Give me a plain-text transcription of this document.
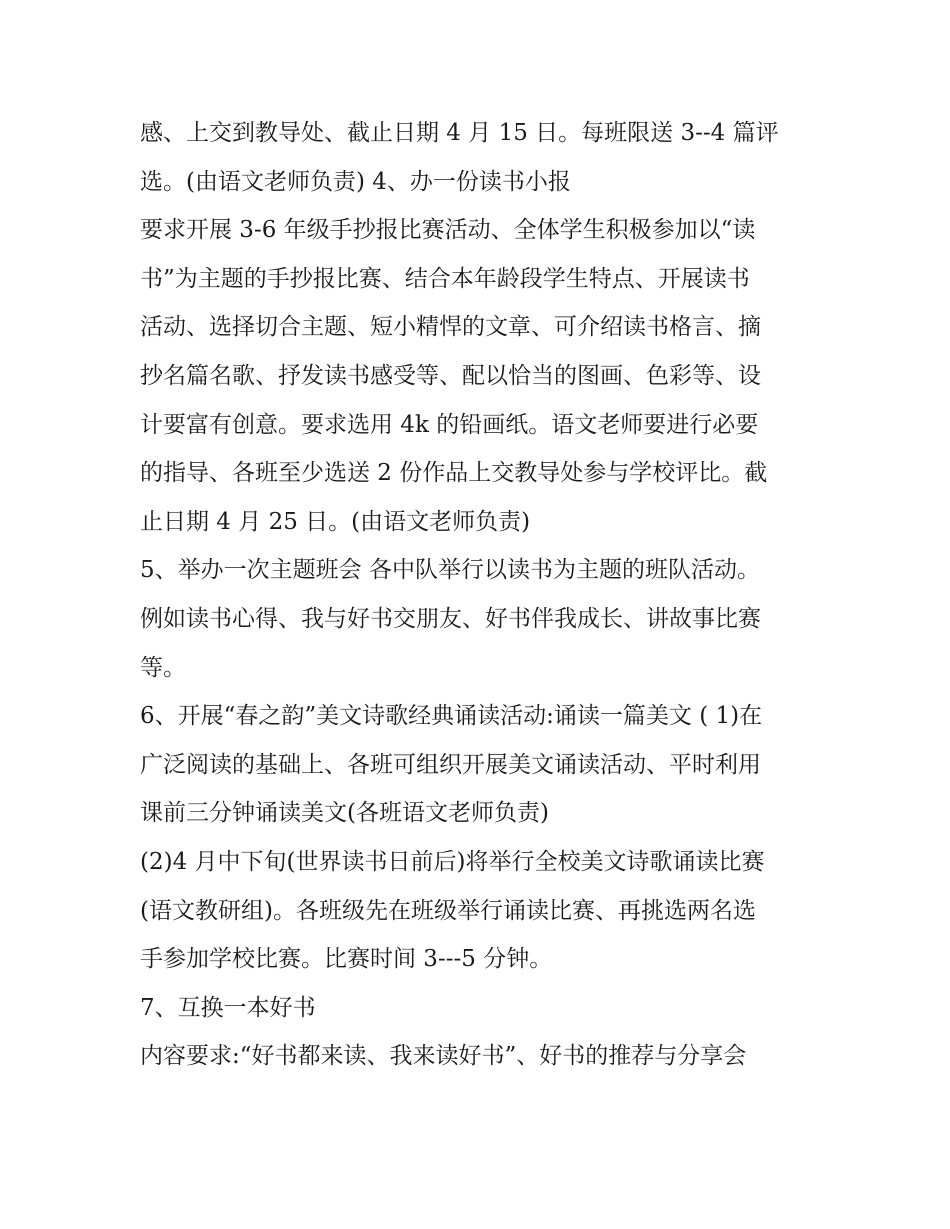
感、上交到教导处、截止日期 4 月 15 日。每班限送 3--4 篇评
选。(由语文老师负责) 4、办一份读书小报
要求开展 3-6 年级手抄报比赛活动、全体学生积极参加以“读
书”为主题的手抄报比赛、结合本年龄段学生特点、开展读书
活动、选择切合主题、短小精悍的文章、可介绍读书格言、摘
抄名篇名歌、抒发读书感受等、配以恰当的图画、色彩等、设
计要富有创意。要求选用 4k 的铅画纸。语文老师要进行必要
的指导、各班至少选送 2 份作品上交教导处参与学校评比。截
止日期 4 月 25 日。(由语文老师负责)
5、举办一次主题班会 各中队举行以读书为主题的班队活动。
例如读书心得、我与好书交朋友、好书伴我成长、讲故事比赛
等。
6、开展“春之韵”美文诗歌经典诵读活动:诵读一篇美文 ( 1)在
广泛阅读的基础上、各班可组织开展美文诵读活动、平时利用
课前三分钟诵读美文(各班语文老师负责)
(2)4 月中下旬(世界读书日前后)将举行全校美文诗歌诵读比赛
(语文教研组)。各班级先在班级举行诵读比赛、再挑选两名选
手参加学校比赛。比赛时间 3---5 分钟。
7、互换一本好书
内容要求:“好书都来读、我来读好书”、好书的推荐与分享会
